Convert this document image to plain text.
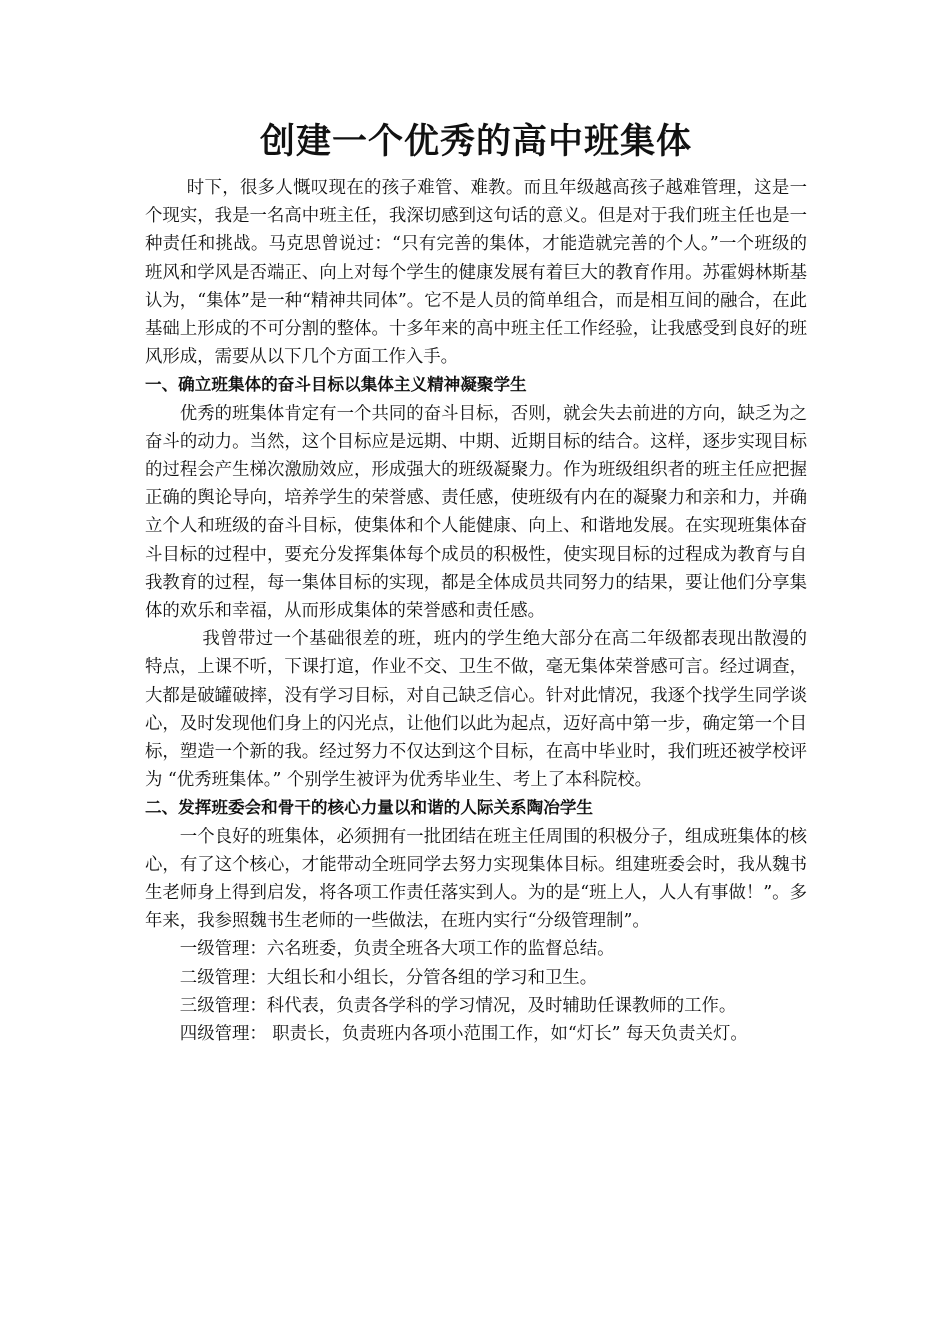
创建一个优秀的高中班集体

时下，很多人慨叹现在的孩子难管、难教。而且年级越高孩子越难管理，这是一个现实，我是一名高中班主任，我深切感到这句话的意义。但是对于我们班主任也是一种责任和挑战。马克思曾说过：“只有完善的集体，才能造就完善的个人。”一个班级的班风和学风是否端正、向上对每个学生的健康发展有着巨大的教育作用。苏霍姆林斯基认为，“集体”是一种“精神共同体”。它不是人员的简单组合，而是相互间的融合，在此基础上形成的不可分割的整体。十多年来的高中班主任工作经验，让我感受到良好的班风形成，需要从以下几个方面工作入手。

一、确立班集体的奋斗目标以集体主义精神凝聚学生

优秀的班集体肯定有一个共同的奋斗目标，否则，就会失去前进的方向，缺乏为之奋斗的动力。当然，这个目标应是远期、中期、近期目标的结合。这样，逐步实现目标的过程会产生梯次激励效应，形成强大的班级凝聚力。作为班级组织者的班主任应把握正确的舆论导向，培养学生的荣誉感、责任感，使班级有内在的凝聚力和亲和力，并确立个人和班级的奋斗目标，使集体和个人能健康、向上、和谐地发展。在实现班集体奋斗目标的过程中，要充分发挥集体每个成员的积极性，使实现目标的过程成为教育与自我教育的过程，每一集体目标的实现，都是全体成员共同努力的结果，要让他们分享集体的欢乐和幸福，从而形成集体的荣誉感和责任感。

我曾带过一个基础很差的班，班内的学生绝大部分在高二年级都表现出散漫的特点，上课不听，下课打逭，作业不交、卫生不做，毫无集体荣誉感可言。经过调查，大都是破罐破摔，没有学习目标，对自己缺乏信心。针对此情况，我逐个找学生同学谈心，及时发现他们身上的闪光点，让他们以此为起点，迈好高中第一步，确定第一个目标，塑造一个新的我。经过努力不仅达到这个目标，在高中毕业时，我们班还被学校评为 “优秀班集体。” 个别学生被评为优秀毕业生、考上了本科院校。

二、发挥班委会和骨干的核心力量以和谐的人际关系陶冶学生

一个良好的班集体，必须拥有一批团结在班主任周围的积极分子，组成班集体的核心，有了这个核心，才能带动全班同学去努力实现集体目标。组建班委会时，我从魏书生老师身上得到启发，将各项工作责任落实到人。为的是“班上人，人人有事做！”。多年来，我参照魏书生老师的一些做法，在班内实行“分级管理制”。

一级管理：六名班委，负责全班各大项工作的监督总结。

二级管理：大组长和小组长，分管各组的学习和卫生。

三级管理：科代表，负责各学科的学习情况，及时辅助任课教师的工作。

四级管理： 职责长，负责班内各项小范围工作，如“灯长” 每天负责关灯。
